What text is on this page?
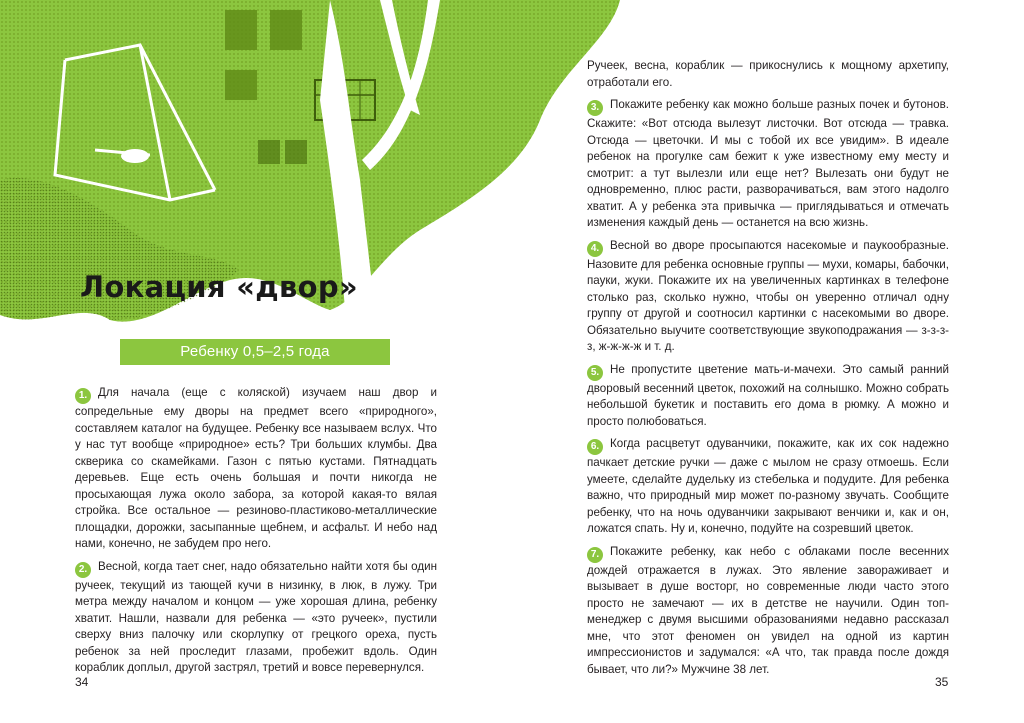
Локация «двор»
Ребенку 0,5–2,5 года

1. Для начала (еще с коляской) изучаем наш двор и сопредельные ему дворы на предмет всего «природного», составляем каталог на будущее. Ребенку все называем вслух. Что у нас тут вообще «природное» есть? Три больших клумбы. Два скверика со скамейками. Газон с пятью кустами. Пятнадцать деревьев. Еще есть очень большая и почти никогда не просыхающая лужа около забора, за которой какая-то вялая стройка. Все остальное — резиново-пластиково-металлические площадки, дорожки, засыпанные щебнем, и асфальт. И небо над нами, конечно, не забудем про него.

2. Весной, когда тает снег, надо обязательно найти хотя бы один ручеек, текущий из тающей кучи в низинку, в люк, в лужу. Три метра между началом и концом — уже хорошая длина, ребенку хватит. Нашли, назвали для ребенка — «это ручеек», пустили сверху вниз палочку или скорлупку от грецкого ореха, пусть ребенок за ней проследит глазами, пробежит вдоль. Один кораблик доплыл, другой застрял, третий и вовсе перевернулся.

34	35

Ручеек, весна, кораблик — прикоснулись к мощному архетипу, отработали его.

3. Покажите ребенку как можно больше разных почек и бутонов. Скажите: «Вот отсюда вылезут листочки. Вот отсюда — травка. Отсюда — цветочки. И мы с тобой их все увидим». В идеале ребенок на прогулке сам бежит к уже известному ему месту и смотрит: а тут вылезли или еще нет? Вылезать они будут не одновременно, плюс расти, разворачиваться, вам этого надолго хватит. А у ребенка эта привычка — приглядываться и отмечать изменения каждый день — останется на всю жизнь.

4. Весной во дворе просыпаются насекомые и паукообразные. Назовите для ребенка основные группы — мухи, комары, бабочки, пауки, жуки. Покажите их на увеличенных картинках в телефоне столько раз, сколько нужно, чтобы он уверенно отличал одну группу от другой и соотносил картинки с насекомыми во дворе. Обязательно выучите соответствующие звукоподражания — з-з-з-з, ж-ж-ж-ж и т. д.

5. Не пропустите цветение мать-и-мачехи. Это самый ранний дворовый весенний цветок, похожий на солнышко. Можно собрать небольшой букетик и поставить его дома в рюмку. А можно и просто полюбоваться.

6. Когда расцветут одуванчики, покажите, как их сок надежно пачкает детские ручки — даже с мылом не сразу отмоешь. Если умеете, сделайте дудельку из стебелька и подудите. Для ребенка важно, что природный мир может по-разному звучать. Сообщите ребенку, что на ночь одуванчики закрывают венчики и, как и он, ложатся спать. Ну и, конечно, подуйте на созревший цветок.

7. Покажите ребенку, как небо с облаками после весенних дождей отражается в лужах. Это явление завораживает и вызывает в душе восторг, но современные люди часто этого просто не замечают — их в детстве не научили. Один топ-менеджер с двумя высшими образованиями недавно рассказал мне, что этот феномен он увидел на одной из картин импрессионистов и задумался: «А что, так правда после дождя бывает, что ли?» Мужчине 38 лет.
